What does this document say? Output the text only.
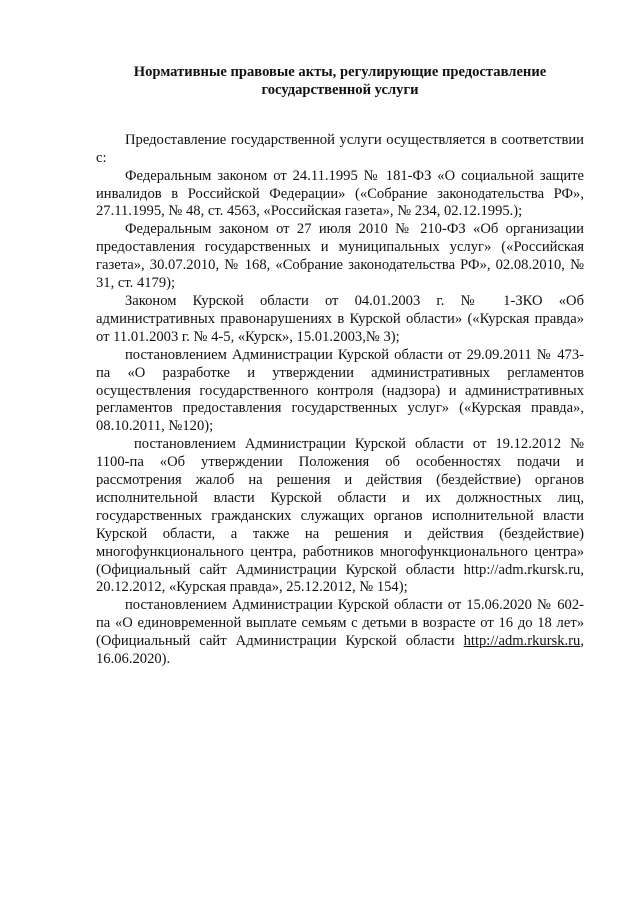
Нормативные правовые акты, регулирующие предоставление
государственной услуги

Предоставление государственной услуги осуществляется в соответствии с:

Федеральным законом от 24.11.1995 № 181-ФЗ «О социальной защите инвалидов в Российской Федерации» («Собрание законодательства РФ», 27.11.1995, № 48, ст. 4563, «Российская газета», № 234, 02.12.1995.);

Федеральным законом от 27 июля 2010 № 210-ФЗ «Об организации предоставления государственных и муниципальных услуг» («Российская газета», 30.07.2010, № 168, «Собрание законодательства РФ», 02.08.2010, № 31, ст. 4179);

Законом Курской области от 04.01.2003 г. № 1-ЗКО «Об административных правонарушениях в Курской области» («Курская правда» от 11.01.2003 г. № 4-5, «Курск», 15.01.2003,№ 3);

постановлением Администрации Курской области от 29.09.2011 № 473-па «О разработке и утверждении административных регламентов осуществления государственного контроля (надзора) и административных регламентов предоставления государственных услуг» («Курская правда», 08.10.2011, №120);

постановлением Администрации Курской области от 19.12.2012 № 1100-па «Об утверждении Положения об особенностях подачи и рассмотрения жалоб на решения и действия (бездействие) органов исполнительной власти Курской области и их должностных лиц, государственных гражданских служащих органов исполнительной власти Курской области, а также на решения и действия (бездействие) многофункционального центра, работников многофункционального центра» (Официальный сайт Администрации Курской области http://adm.rkursk.ru, 20.12.2012, «Курская правда», 25.12.2012, № 154);

постановлением Администрации Курской области от 15.06.2020 № 602-па «О единовременной выплате семьям с детьми в возрасте от 16 до 18 лет» (Официальный сайт Администрации Курской области http://adm.rkursk.ru, 16.06.2020).
